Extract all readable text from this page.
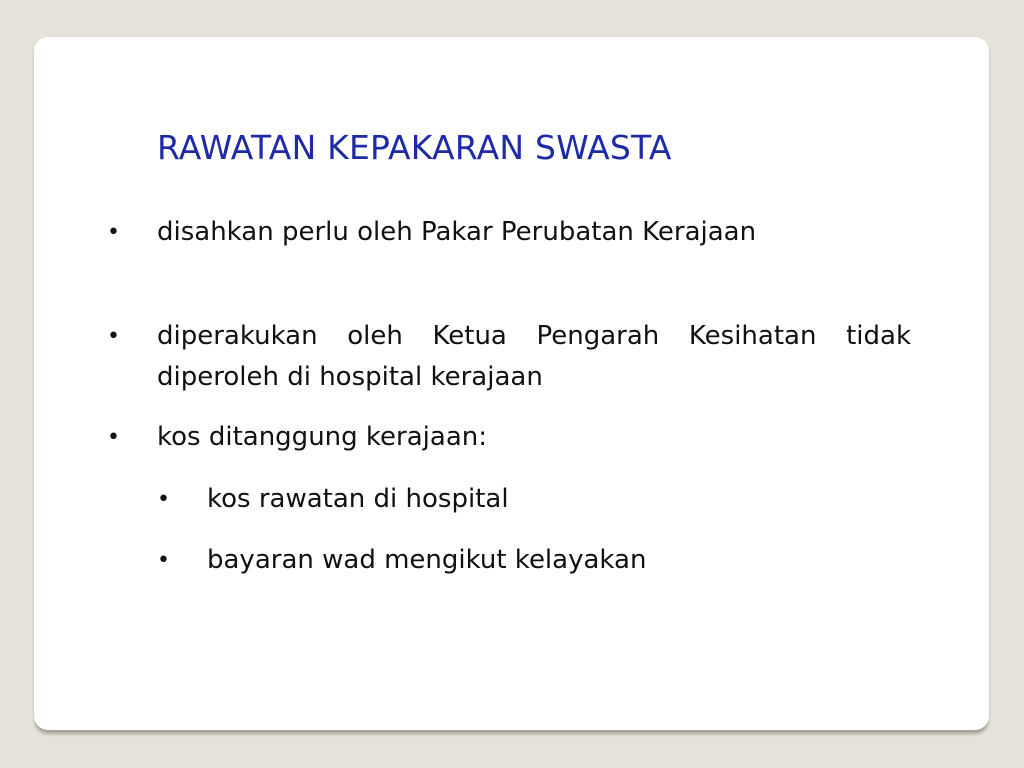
RAWATAN KEPAKARAN SWASTA
• disahkan perlu oleh Pakar Perubatan Kerajaan
• diperakukan oleh Ketua Pengarah Kesihatan tidak diperoleh di hospital kerajaan
• kos ditanggung kerajaan:
• kos rawatan di hospital
• bayaran wad mengikut kelayakan
